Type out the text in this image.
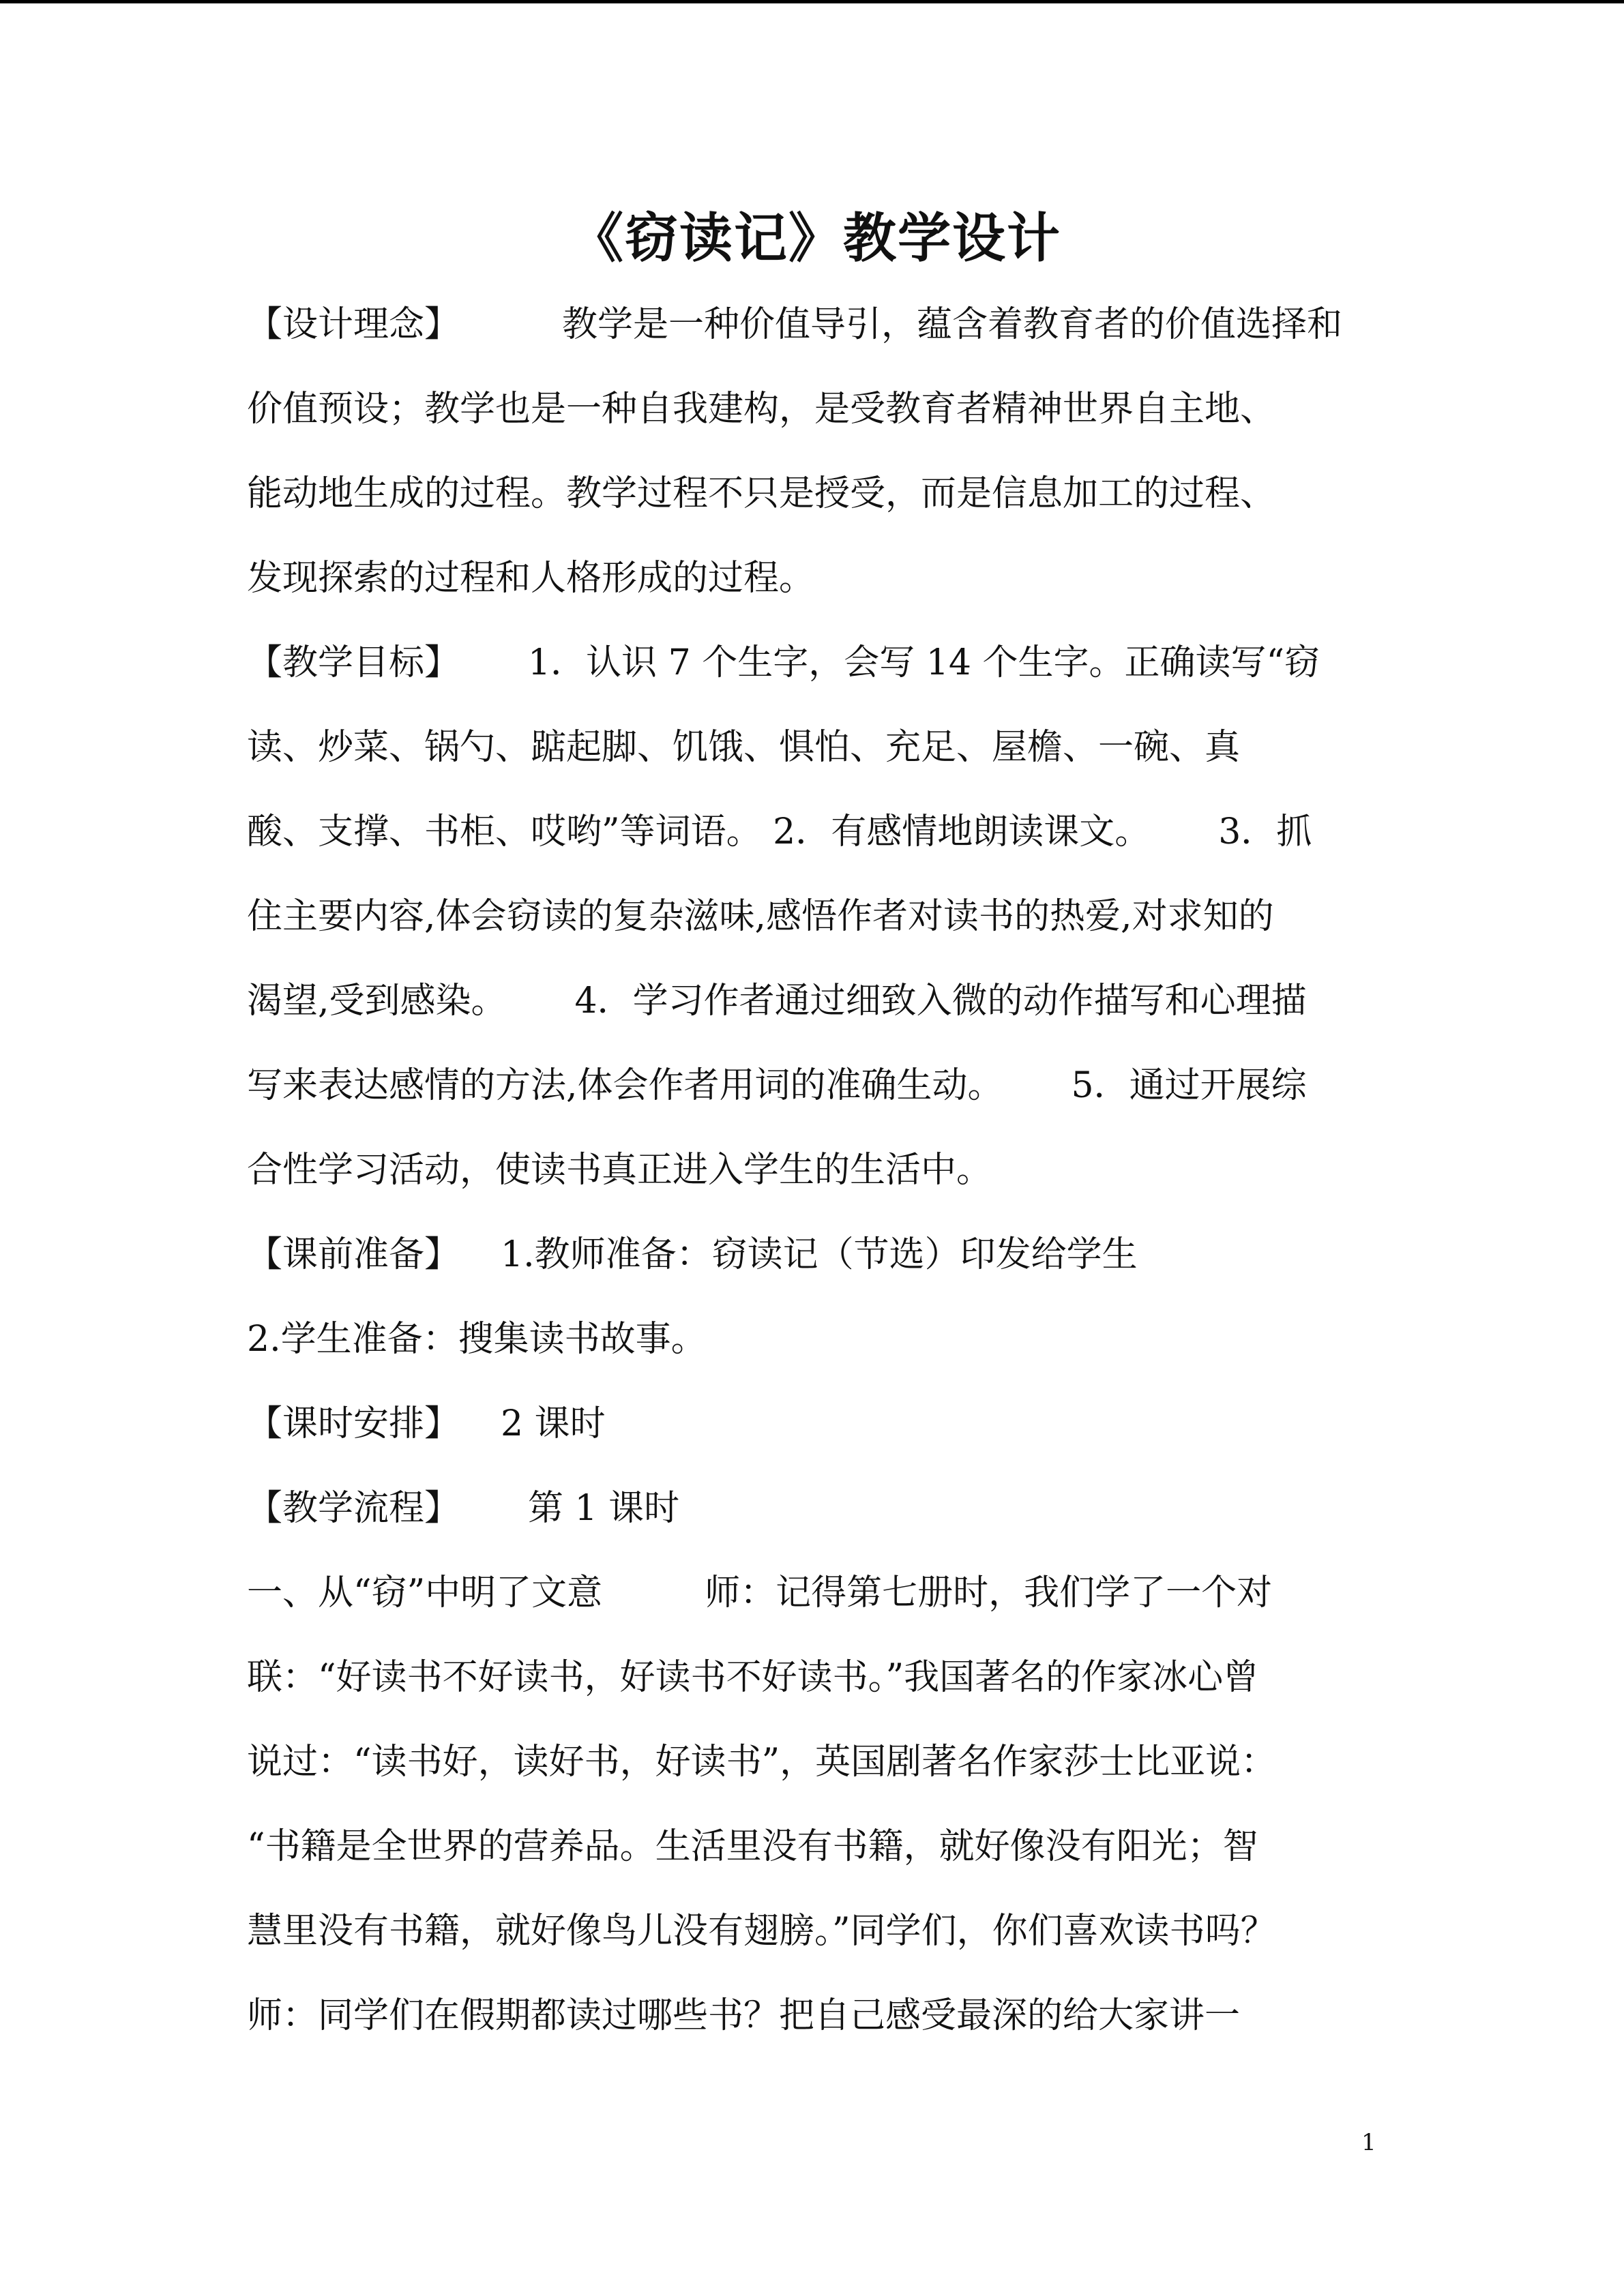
《窃读记》教学设计
【设计理念】	教学是一种价值导引，蕴含着教育者的价值选择和
价值预设；教学也是一种自我建构，是受教育者精神世界自主地、
能动地生成的过程。教学过程不只是授受，而是信息加工的过程、
发现探索的过程和人格形成的过程。
【教学目标】 1．认识 7 个生字，会写 14 个生字。正确读写“窃
读、炒菜、锅勺、踮起脚、饥饿、惧怕、充足、屋檐、一碗、真
酸、支撑、书柜、哎哟”等词语。 2．有感情地朗读课文。 3．抓
住主要内容,体会窃读的复杂滋味,感悟作者对读书的热爱,对求知的
渴望,受到感染。 4．学习作者通过细致入微的动作描写和心理描
写来表达感情的方法,体会作者用词的准确生动。 5．通过开展综
合性学习活动，使读书真正进入学生的生活中。
【课前准备】 1.教师准备：窃读记（节选）印发给学生
2.学生准备：搜集读书故事。
【课时安排】 2 课时
【教学流程】 第 1 课时
一、从“窃”中明了文意	师：记得第七册时，我们学了一个对
联：“好读书不好读书，好读书不好读书。”我国著名的作家冰心曾
说过：“读书好，读好书，好读书”，英国剧著名作家莎士比亚说：
“书籍是全世界的营养品。生活里没有书籍，就好像没有阳光；智
慧里没有书籍，就好像鸟儿没有翅膀。”同学们，你们喜欢读书吗？
师：同学们在假期都读过哪些书？把自己感受最深的给大家讲一
1
